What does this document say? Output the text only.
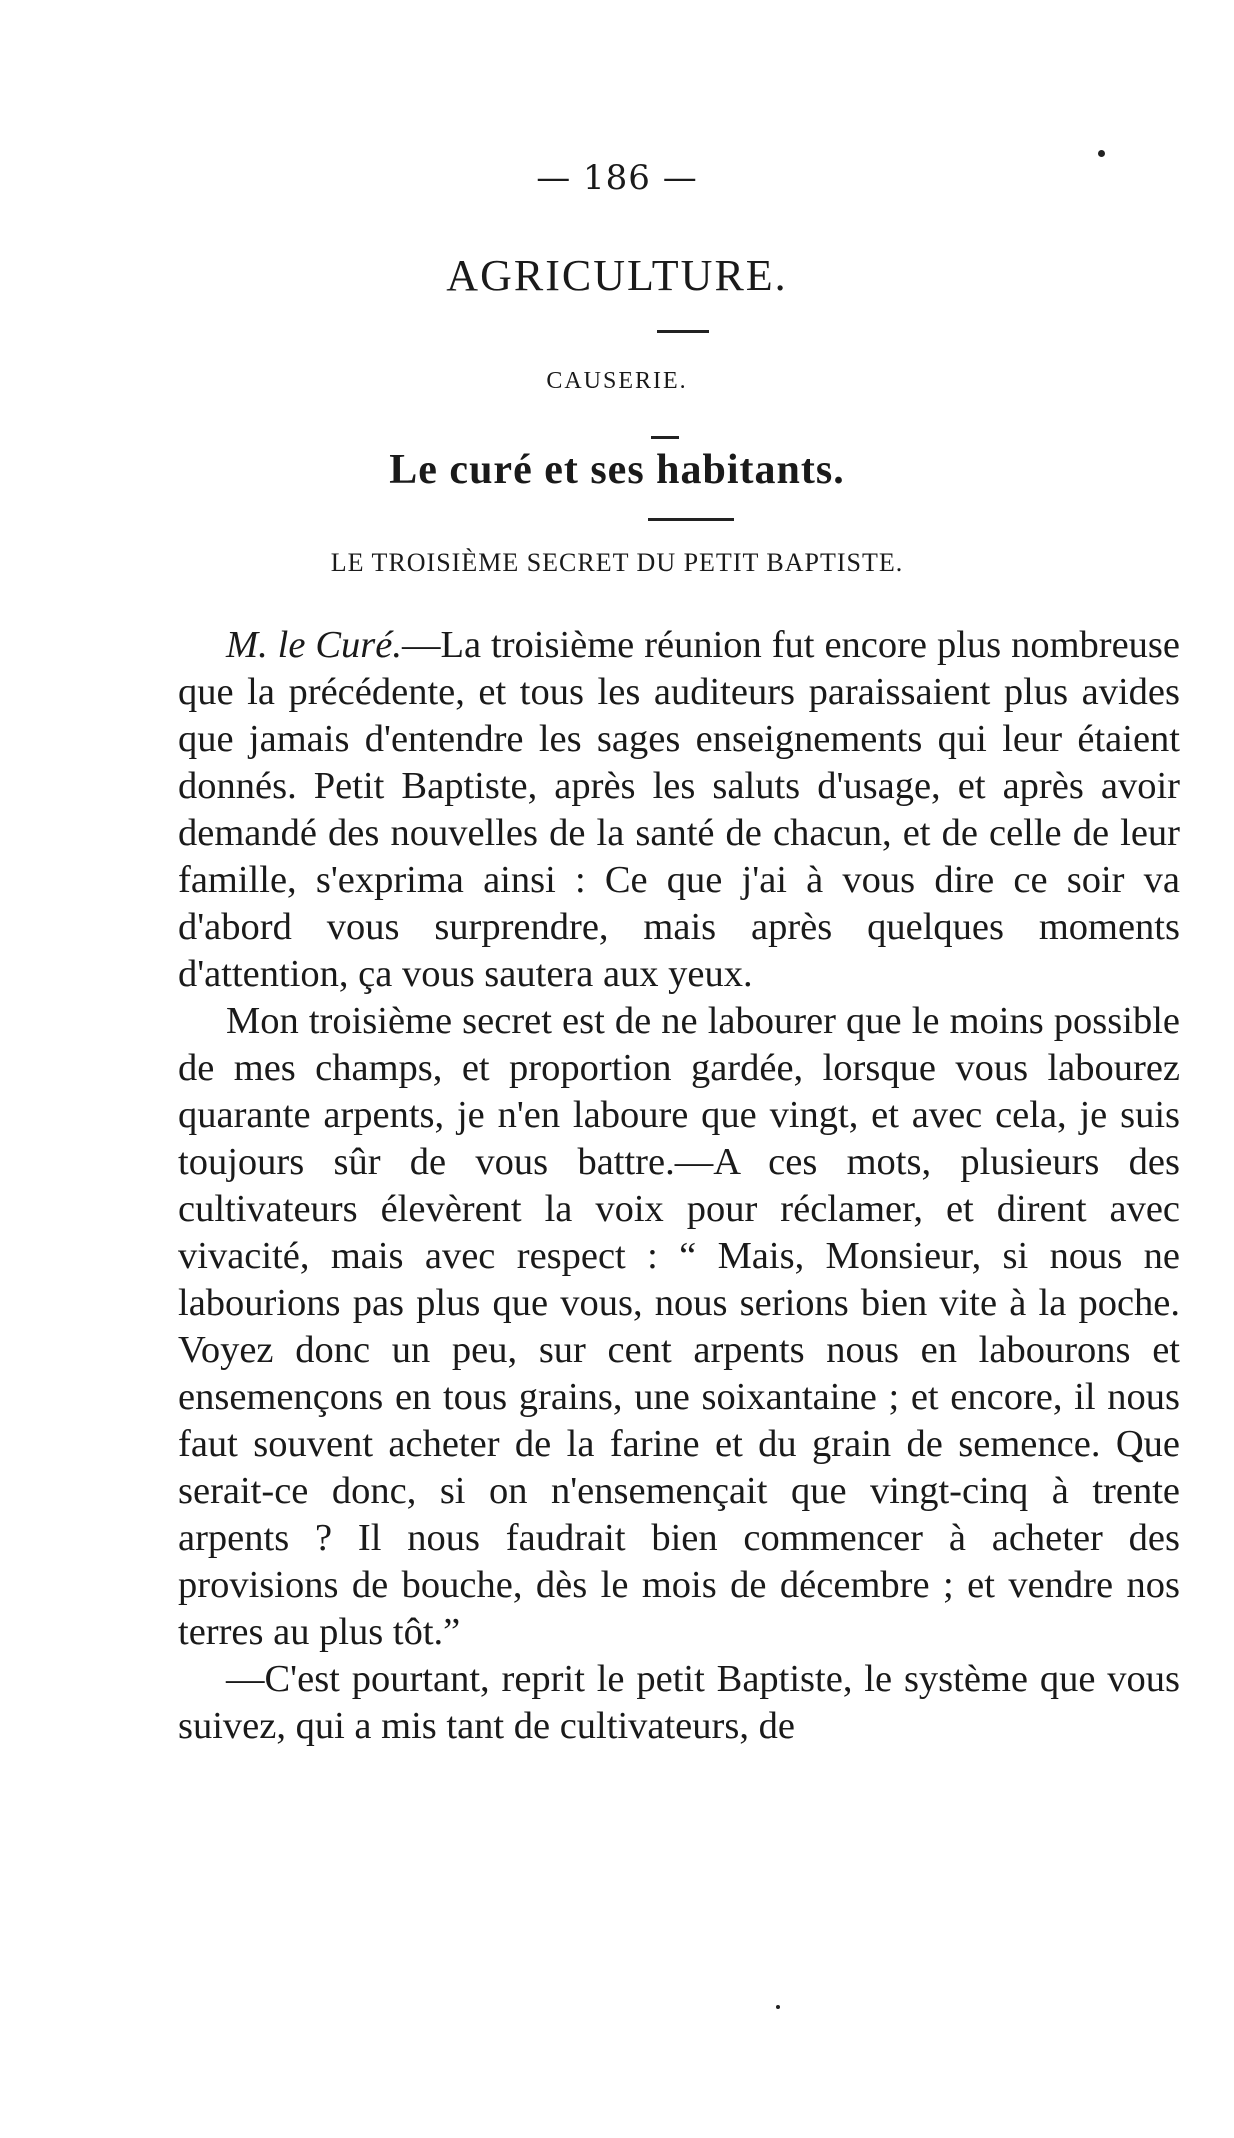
— 186 —
AGRICULTURE.
CAUSERIE.
Le curé et ses habitants.
LE TROISIÈME SECRET DU PETIT BAPTISTE.

M. le Curé.—La troisième réunion fut encore plus nombreuse que la précédente, et tous les auditeurs paraissaient plus avides que jamais d'entendre les sages enseignements qui leur étaient donnés. Petit Baptiste, après les saluts d'usage, et après avoir demandé des nouvelles de la santé de chacun, et de celle de leur famille, s'exprima ainsi : Ce que j'ai à vous dire ce soir va d'abord vous surprendre, mais après quelques moments d'attention, ça vous sautera aux yeux.

Mon troisième secret est de ne labourer que le moins possible de mes champs, et proportion gardée, lorsque vous labourez quarante arpents, je n'en laboure que vingt, et avec cela, je suis toujours sûr de vous battre.—A ces mots, plusieurs des cultivateurs élevèrent la voix pour réclamer, et dirent avec vivacité, mais avec respect : “ Mais, Monsieur, si nous ne labourions pas plus que vous, nous serions bien vite à la poche. Voyez donc un peu, sur cent arpents nous en labourons et ensemençons en tous grains, une soixantaine ; et encore, il nous faut souvent acheter de la farine et du grain de semence. Que serait-ce donc, si on n'ensemençait que vingt-cinq à trente arpents ? Il nous faudrait bien commencer à acheter des provisions de bouche, dès le mois de décembre ; et vendre nos terres au plus tôt.”

—C'est pourtant, reprit le petit Baptiste, le système que vous suivez, qui a mis tant de cultivateurs, de
